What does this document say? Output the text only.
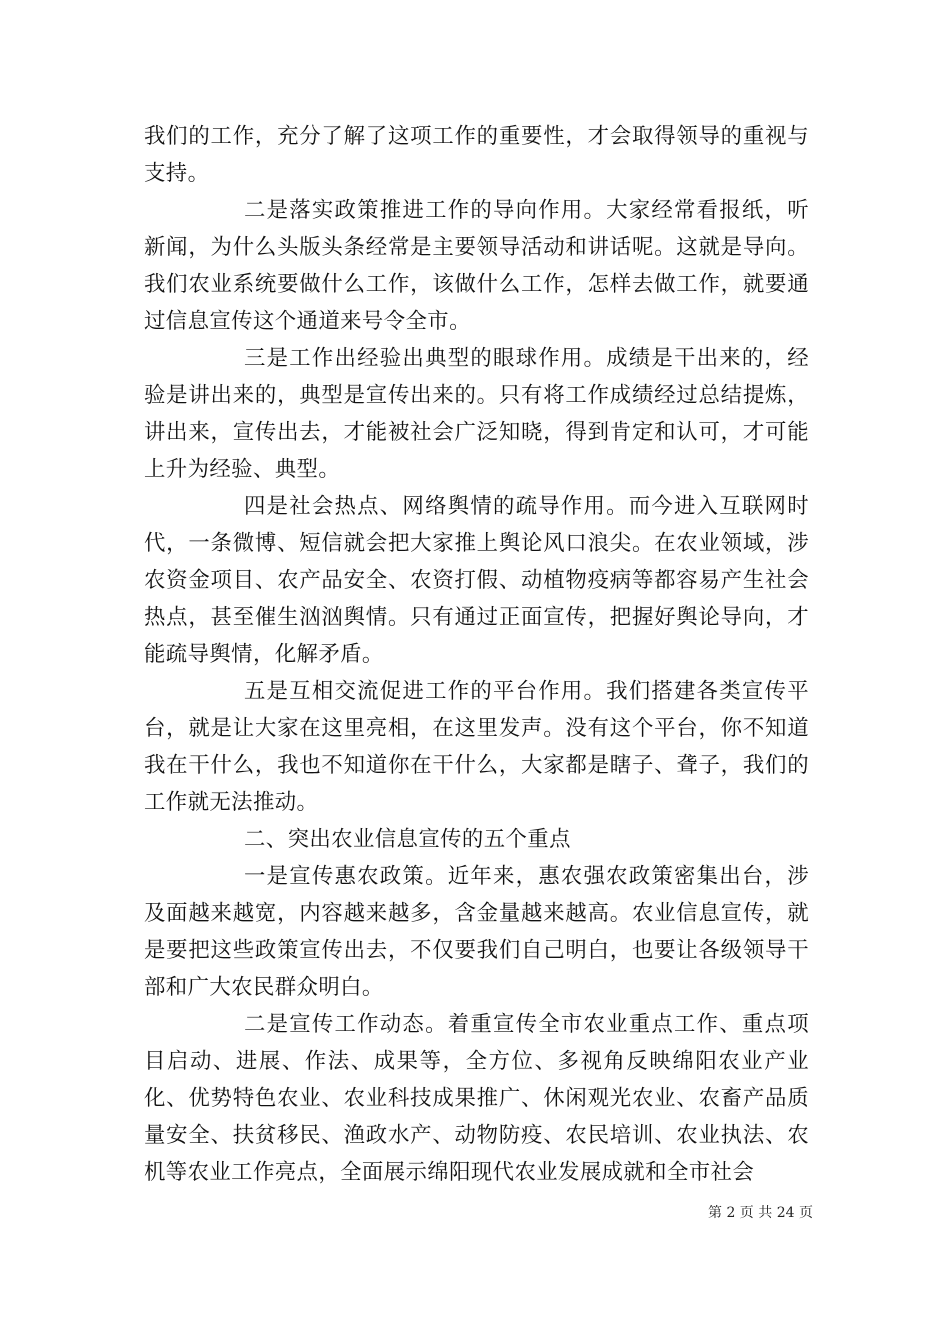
我们的工作，充分了解了这项工作的重要性，才会取得领导的重视与支持。

二是落实政策推进工作的导向作用。大家经常看报纸，听新闻，为什么头版头条经常是主要领导活动和讲话呢。这就是导向。我们农业系统要做什么工作，该做什么工作，怎样去做工作，就要通过信息宣传这个通道来号令全市。

三是工作出经验出典型的眼球作用。成绩是干出来的，经验是讲出来的，典型是宣传出来的。只有将工作成绩经过总结提炼，讲出来，宣传出去，才能被社会广泛知晓，得到肯定和认可，才可能上升为经验、典型。

四是社会热点、网络舆情的疏导作用。而今进入互联网时代，一条微博、短信就会把大家推上舆论风口浪尖。在农业领域，涉农资金项目、农产品安全、农资打假、动植物疫病等都容易产生社会热点，甚至催生汹汹舆情。只有通过正面宣传，把握好舆论导向，才能疏导舆情，化解矛盾。

五是互相交流促进工作的平台作用。我们搭建各类宣传平台，就是让大家在这里亮相，在这里发声。没有这个平台，你不知道我在干什么，我也不知道你在干什么，大家都是瞎子、聋子，我们的工作就无法推动。

二、突出农业信息宣传的五个重点

一是宣传惠农政策。近年来，惠农强农政策密集出台，涉及面越来越宽，内容越来越多，含金量越来越高。农业信息宣传，就是要把这些政策宣传出去，不仅要我们自己明白，也要让各级领导干部和广大农民群众明白。

二是宣传工作动态。着重宣传全市农业重点工作、重点项目启动、进展、作法、成果等，全方位、多视角反映绵阳农业产业化、优势特色农业、农业科技成果推广、休闲观光农业、农畜产品质量安全、扶贫移民、渔政水产、动物防疫、农民培训、农业执法、农机等农业工作亮点，全面展示绵阳现代农业发展成就和全市社会

第 2 页 共 24 页
